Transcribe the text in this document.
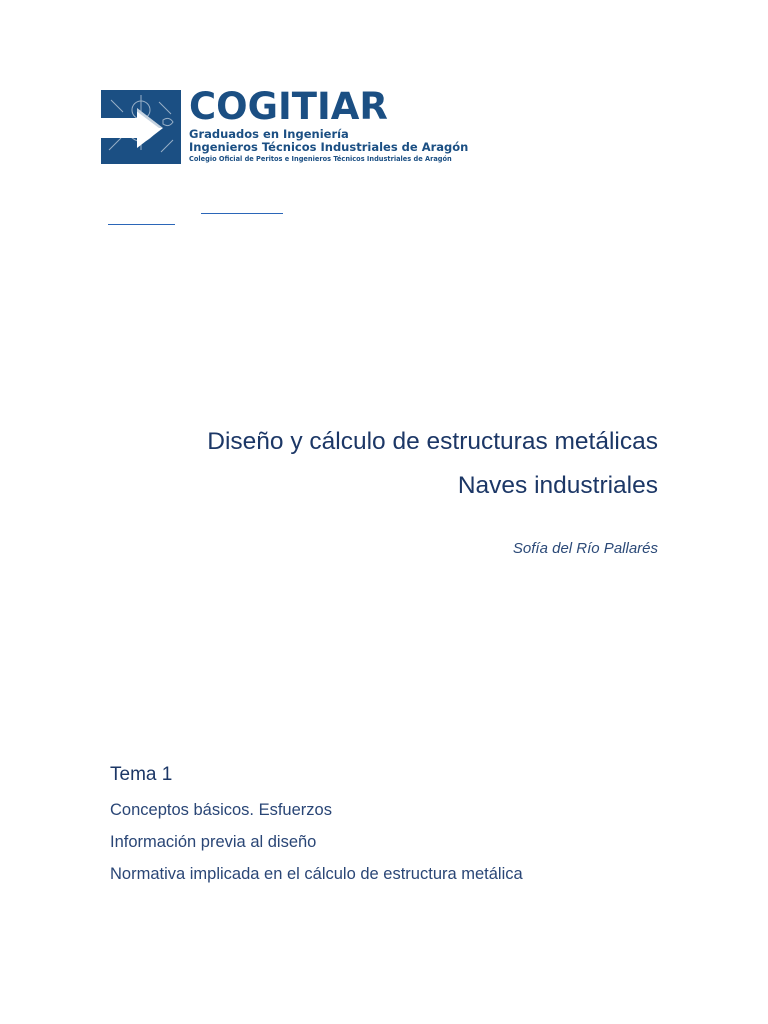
COGITIAR
Graduados en Ingeniería
Ingenieros Técnicos Industriales de Aragón
Colegio Oficial de Peritos e Ingenieros Técnicos Industriales de Aragón
Diseño y cálculo de estructuras metálicas
Naves industriales
Sofía del Río Pallarés
Tema 1
Conceptos básicos. Esfuerzos
Información previa al diseño
Normativa implicada en el cálculo de estructura metálica
